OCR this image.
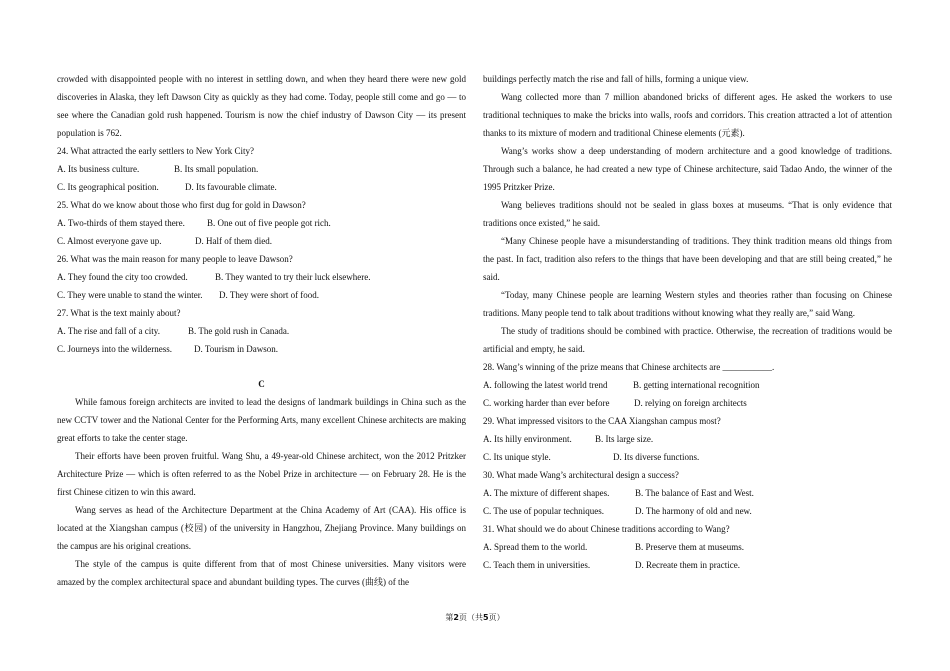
crowded with disappointed people with no interest in settling down, and when they heard there were new gold discoveries in Alaska, they left Dawson City as quickly as they had come. Today, people still come and go — to see where the Canadian gold rush happened. Tourism is now the chief industry of Dawson City — its present population is 762.

24. What attracted the early settlers to New York City?

A. Its business culture.	B. Its small population.
C. Its geographical position.	D. Its favourable climate.

25. What do we know about those who first dug for gold in Dawson?

A. Two-thirds of them stayed there.	B. One out of five people got rich.
C. Almost everyone gave up.	D. Half of them died.

26. What was the main reason for many people to leave Dawson?

A. They found the city too crowded.	B. They wanted to try their luck elsewhere.
C. They were unable to stand the winter.	D. They were short of food.

27. What is the text mainly about?

A. The rise and fall of a city.	B. The gold rush in Canada.
C. Journeys into the wilderness.	D. Tourism in Dawson.

C

While famous foreign architects are invited to lead the designs of landmark buildings in China such as the new CCTV tower and the National Center for the Performing Arts, many excellent Chinese architects are making great efforts to take the center stage.

Their efforts have been proven fruitful. Wang Shu, a 49-year-old Chinese architect, won the 2012 Pritzker Architecture Prize — which is often referred to as the Nobel Prize in architecture — on February 28. He is the first Chinese citizen to win this award.

Wang serves as head of the Architecture Department at the China Academy of Art (CAA). His office is located at the Xiangshan campus (校园) of the university in Hangzhou, Zhejiang Province. Many buildings on the campus are his original creations.

The style of the campus is quite different from that of most Chinese universities. Many visitors were amazed by the complex architectural space and abundant building types. The curves (曲线) of the

buildings perfectly match the rise and fall of hills, forming a unique view.

Wang collected more than 7 million abandoned bricks of different ages. He asked the workers to use traditional techniques to make the bricks into walls, roofs and corridors. This creation attracted a lot of attention thanks to its mixture of modern and traditional Chinese elements (元素).

Wang’s works show a deep understanding of modern architecture and a good knowledge of traditions. Through such a balance, he had created a new type of Chinese architecture, said Tadao Ando, the winner of the 1995 Pritzker Prize.

Wang believes traditions should not be sealed in glass boxes at museums. “That is only evidence that traditions once existed,” he said.

“Many Chinese people have a misunderstanding of traditions. They think tradition means old things from the past. In fact, tradition also refers to the things that have been developing and that are still being created,” he said.

“Today, many Chinese people are learning Western styles and theories rather than focusing on Chinese traditions. Many people tend to talk about traditions without knowing what they really are,” said Wang.

The study of traditions should be combined with practice. Otherwise, the recreation of traditions would be artificial and empty, he said.

28. Wang’s winning of the prize means that Chinese architects are ___________.

A. following the latest world trend	B. getting international recognition
C. working harder than ever before	D. relying on foreign architects

29. What impressed visitors to the CAA Xiangshan campus most?

A. Its hilly environment.	B. Its large size.
C. Its unique style.	D. Its diverse functions.

30. What made Wang’s architectural design a success?

A. The mixture of different shapes.	B. The balance of East and West.
C. The use of popular techniques.	D. The harmony of old and new.

31. What should we do about Chinese traditions according to Wang?

A. Spread them to the world.	B. Preserve them at museums.
C. Teach them in universities.	D. Recreate them in practice.
第2页（共5页）
